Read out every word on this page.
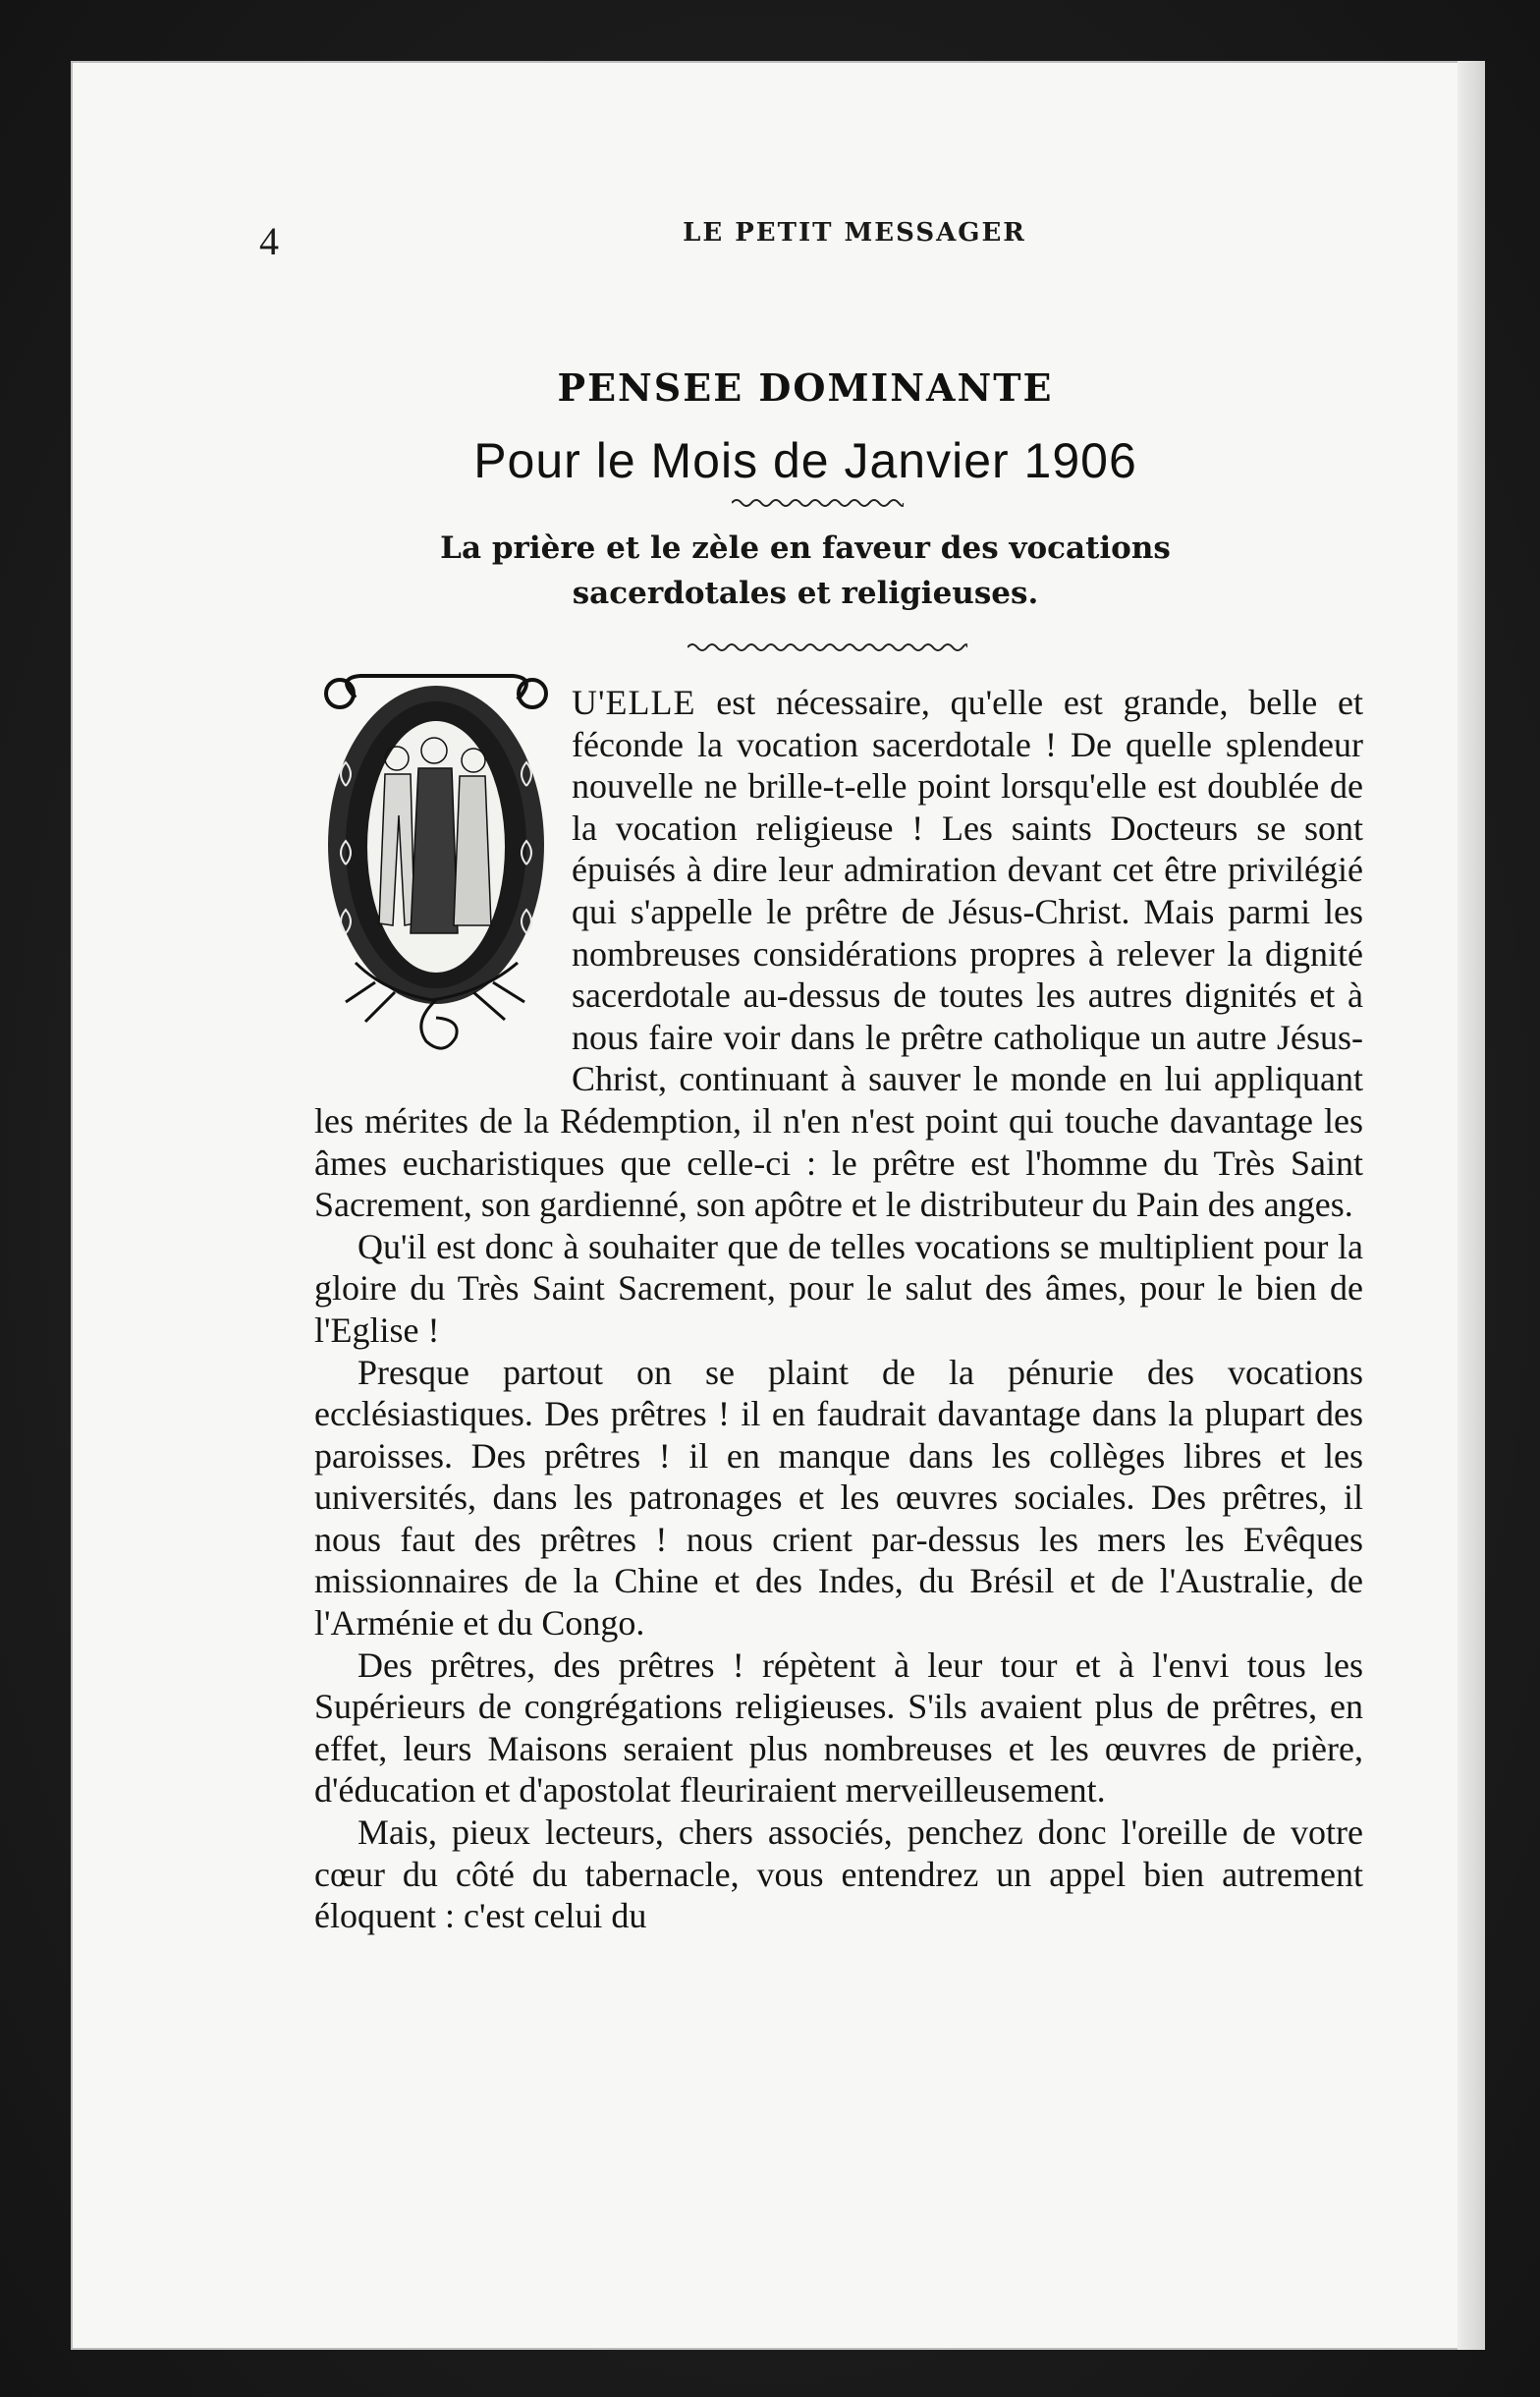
4	LE PETIT MESSAGER
PENSEE DOMINANTE
Pour le Mois de Janvier 1906
La prière et le zèle en faveur des vocations
sacerdotales et religieuses.

U'ELLE est nécessaire, qu'elle est grande, belle et féconde la vocation sacerdotale ! De quelle splendeur nouvelle ne brille-t-elle point lorsqu'elle est doublée de la vocation religieuse ! Les saints Docteurs se sont épuisés à dire leur admiration devant cet être privilégié qui s'appelle le prêtre de Jésus-Christ. Mais parmi les nombreuses considérations propres à relever la dignité sacerdotale au-dessus de toutes les autres dignités et à nous faire voir dans le prêtre catholique un autre Jésus-Christ, continuant à sauver le monde en lui appliquant les mérites de la Rédemption, il n'en n'est point qui touche davantage les âmes eucharistiques que celle-ci : le prêtre est l'homme du Très Saint Sacrement, son gardienné, son apôtre et le distributeur du Pain des anges.

Qu'il est donc à souhaiter que de telles vocations se multiplient pour la gloire du Très Saint Sacrement, pour le salut des âmes, pour le bien de l'Eglise !

Presque partout on se plaint de la pénurie des vocations ecclésiastiques. Des prêtres ! il en faudrait davantage dans la plupart des paroisses. Des prêtres ! il en manque dans les collèges libres et les universités, dans les patronages et les œuvres sociales. Des prêtres, il nous faut des prêtres ! nous crient par-dessus les mers les Evêques missionnaires de la Chine et des Indes, du Brésil et de l'Australie, de l'Arménie et du Congo.

Des prêtres, des prêtres ! répètent à leur tour et à l'envi tous les Supérieurs de congrégations religieuses. S'ils avaient plus de prêtres, en effet, leurs Maisons seraient plus nombreuses et les œuvres de prière, d'éducation et d'apostolat fleuriraient merveilleusement.

Mais, pieux lecteurs, chers associés, penchez donc l'oreille de votre cœur du côté du tabernacle, vous entendrez un appel bien autrement éloquent : c'est celui du
